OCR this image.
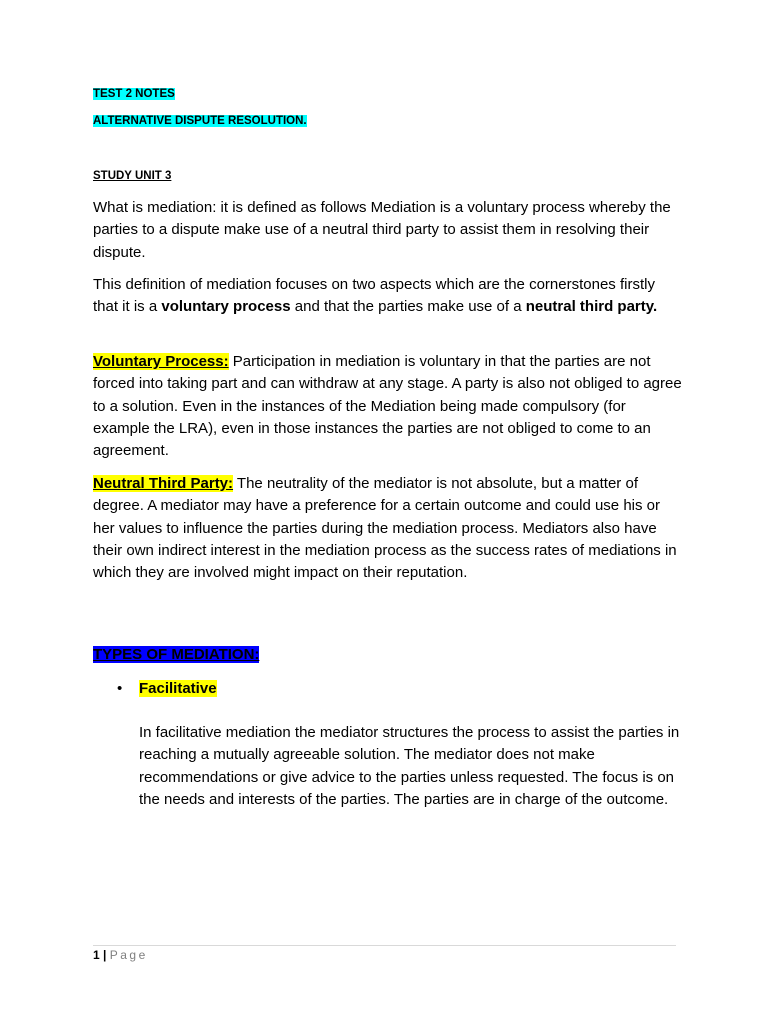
TEST 2 NOTES
ALTERNATIVE DISPUTE RESOLUTION.
STUDY UNIT 3

What is mediation: it is defined as follows Mediation is a voluntary process whereby the parties to a dispute make use of a neutral third party to assist them in resolving their dispute.

This definition of mediation focuses on two aspects which are the cornerstones firstly that it is a voluntary process and that the parties make use of a neutral third party.

Voluntary Process: Participation in mediation is voluntary in that the parties are not forced into taking part and can withdraw at any stage. A party is also not obliged to agree to a solution. Even in the instances of the Mediation being made compulsory (for example the LRA), even in those instances the parties are not obliged to come to an agreement.

Neutral Third Party: The neutrality of the mediator is not absolute, but a matter of degree. A mediator may have a preference for a certain outcome and could use his or her values to influence the parties during the mediation process. Mediators also have their own indirect interest in the mediation process as the success rates of mediations in which they are involved might impact on their reputation.

TYPES OF MEDIATION:
• Facilitative

In facilitative mediation the mediator structures the process to assist the parties in reaching a mutually agreeable solution. The mediator does not make recommendations or give advice to the parties unless requested. The focus is on the needs and interests of the parties. The parties are in charge of the outcome.

1 | Page
